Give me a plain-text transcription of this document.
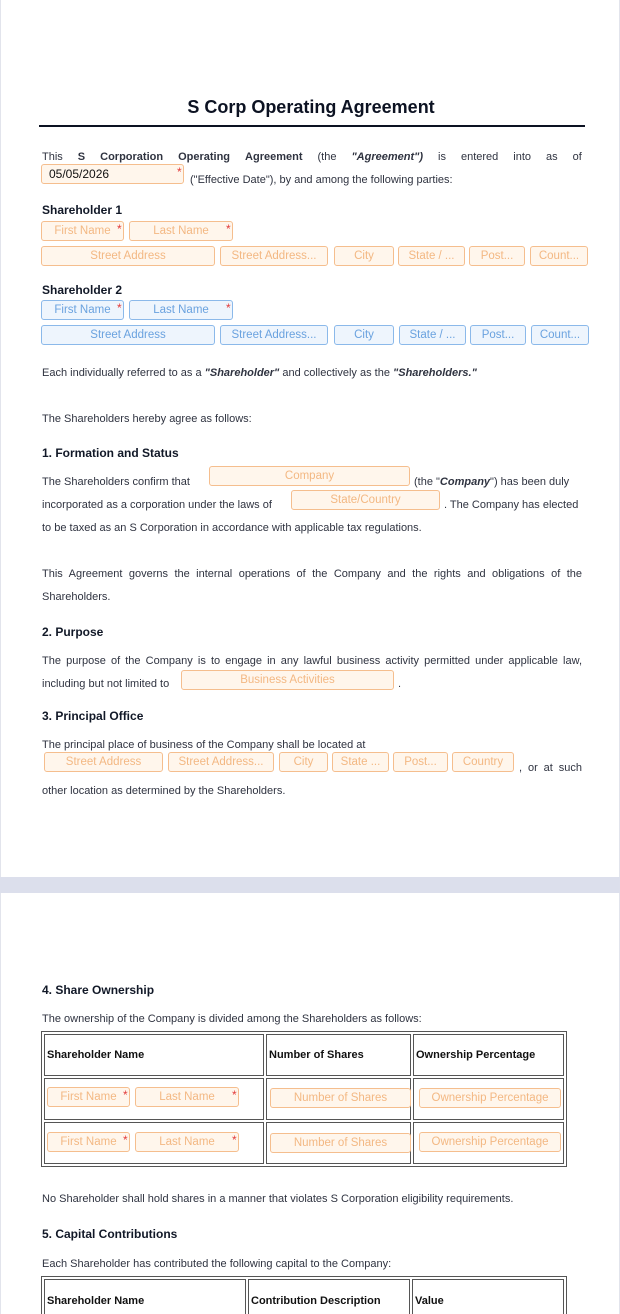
S Corp Operating Agreement
This S Corporation Operating Agreement (the "Agreement") is entered into as of
05/05/2026	*
("Effective Date"), by and among the following parties:
Shareholder 1
First Name *	Last Name	*
Street Address	Street Address...	City	State / ...	Post...	Count...
Shareholder 2
First Name *	Last Name	*
Street Address	Street Address...	City	State / ...	Post...	Count...
Each individually referred to as a "Shareholder" and collectively as the "Shareholders."
The Shareholders hereby agree as follows:
1. Formation and Status
The Shareholders confirm that	Company	(the "Company") has been duly
incorporated as a corporation under the laws of	State/Country	. The Company has elected
to be taxed as an S Corporation in accordance with applicable tax regulations.
This Agreement governs the internal operations of the Company and the rights and obligations of the
Shareholders.
2. Purpose
The purpose of the Company is to engage in any lawful business activity permitted under applicable law,
including but not limited to	Business Activities	.
3. Principal Office
The principal place of business of the Company shall be located at
Street Address	Street Address...	City	State ...	Post...	Country	, or at such
other location as determined by the Shareholders.
4. Share Ownership
The ownership of the Company is divided among the Shareholders as follows:
Shareholder Name	Number of Shares	Ownership Percentage

First Name *	Last Name	*	Number of Shares	Ownership Percentage
First Name *	Last Name	*	Number of Shares	Ownership Percentage
No Shareholder shall hold shares in a manner that violates S Corporation eligibility requirements.
5. Capital Contributions
Each Shareholder has contributed the following capital to the Company:
Shareholder Name	Contribution Description	Value
